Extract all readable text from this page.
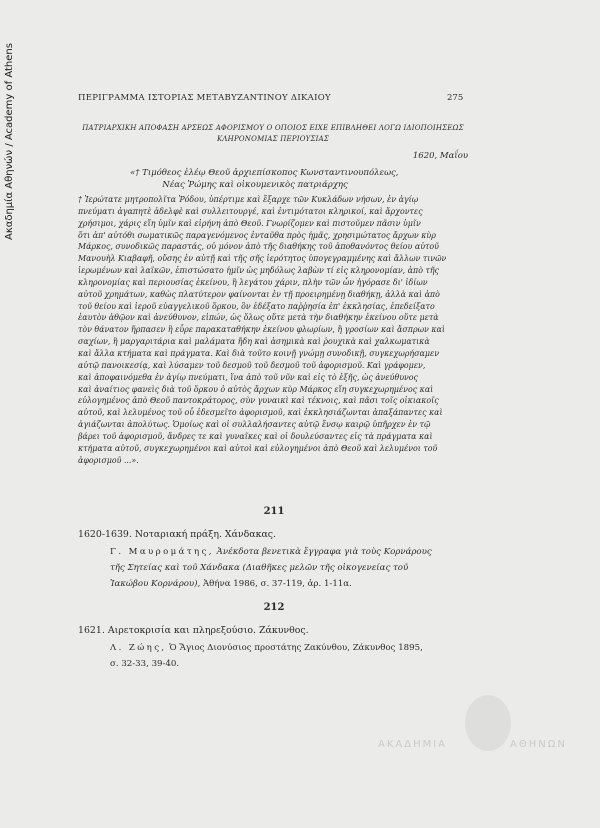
Ακαδημία Αθηνών / Academy of Athens	ΠΕΡΙΓΡΑΜΜΑ ΙΣΤΟΡΙΑΣ ΜΕΤΑΒΥΖΑΝΤΙΝΟΥ ΔΙΚΑΙΟΥ	275
ΠΑΤΡΙΑΡΧΙΚΗ ΑΠΟΦΑΣΗ ΑΡΣΕΩΣ ΑΦΟΡΙΣΜΟΥ Ο ΟΠΟΙΟΣ ΕΙΧΕ ΕΠΙΒΛΗΘΕΙ ΛΟΓΩ ΙΔΙΟΠΟΙΗΣΕΩΣ
ΚΛΗΡΟΝΟΜΙΑΣ ΠΕΡΙΟΥΣΙΑΣ
1620, Μαΐου
«† Τιμόθεος ἐλέῳ Θεοῦ ἀρχιεπίσκοπος Κωνσταντινουπόλεως,
Νέας Ῥώμης καὶ οἰκουμενικὸς πατριάρχης
† Ἱερώτατε μητροπολῖτα Ῥόδου, ὑπέρτιμε καὶ ἔξαρχε τῶν Κυκλάδων νήσων, ἐν ἁγίῳ
πνεύματι ἀγαπητὲ ἀδελφὲ καὶ συλλειτουργέ, καὶ ἐντιμότατοι κληρικοί, καὶ ἄρχοντες
χρήσιμοι, χάρις εἴη ὑμῖν καὶ εἰρήνη ἀπὸ Θεοῦ. Γνωρίζομεν καὶ πιστοῦμεν πᾶσιν ὑμῖν
ὅτι ἀπ' αὐτόθι σωματικῶς παραγενόμενος ἐνταῦθα πρὸς ἡμᾶς, χρησιμώτατος ἄρχων κὺρ
Μάρκος, συνοδικῶς παραστάς, οὐ μόνον ἀπὸ τῆς διαθήκης τοῦ ἀποθανόντος θείου αὐτοῦ
Μανουὴλ Κιαβαφῆ, οὔσης ἐν αὐτῇ καὶ τῆς σῆς ἱερότητος ὑπογεγραμμένης καὶ ἄλλων τινῶν
ἱερωμένων καὶ λαϊκῶν, ἐπιστώσατο ἡμῖν ὡς μηδόλως λαβὼν τί εἰς κληρονομίαν, ἀπὸ τῆς
κληρονομίας καὶ περιουσίας ἐκείνου, ἢ λεγάτου χάριν, πλὴν τῶν ὧν ἠγόρασε δι' ἰδίων
αὐτοῦ χρημάτων, καθὼς πλατύτερον φαίνονται ἐν τῇ προειρημένῃ διαθήκῃ, ἀλλὰ καὶ ἀπὸ
τοῦ θείου καὶ ἱεροῦ εὐαγγελικοῦ ὅρκου, ὃν ἐδέξατο παῤῥησία ἐπ' ἐκκλησίας, ἐπεδείξατο
ἑαυτὸν ἀθῷον καὶ ἀνεύθυνον, εἰπών, ὡς ὅλως οὔτε μετὰ τὴν διαθήκην ἐκείνου οὔτε μετὰ
τὸν θάνατον ἥρπασεν ἢ εὗρε παρακαταθήκην ἐκείνου φλωρίων, ἢ γροσίων καὶ ἄσπρων καὶ
σαχίων, ἢ μαργαριτάρια καὶ μαλάματα ἤδη καὶ ἀσημικὰ καὶ ῥουχικὰ καὶ χαλκωματικὰ
καὶ ἄλλα κτήματα καὶ πράγματα. Καὶ διὰ τοῦτο κοινῇ γνώμῃ συνοδικῇ, συγκεχωρήσαμεν
αὐτῷ πανοικεσίᾳ, καὶ λύσαμεν τοῦ δεσμοῦ τοῦ δεσμοῦ τοῦ ἀφορισμοῦ. Καὶ γράφομεν,
καὶ ἀποφαινόμεθα ἐν ἁγίῳ πνεύματι, ἵνα ἀπὸ τοῦ νῦν καὶ εἰς τὸ ἑξῆς, ὡς ἀνεύθυνος
καὶ ἀναίτιος φανεὶς διὰ τοῦ ὅρκου ὁ αὐτὸς ἄρχων κὺρ Μάρκος εἴη συγκεχωρημένος καὶ
εὐλογημένος ἀπὸ Θεοῦ παντοκράτορος, σὺν γυναικὶ καὶ τέκνοις, καὶ πᾶσι τοῖς οἰκιακοῖς
αὐτοῦ, καὶ λελυμένος τοῦ οὗ ἐδεσμεῖτο ἀφορισμοῦ, καὶ ἐκκλησιάζωνται ἀπαξάπαντες καὶ
ἁγιάζωνται ἀπολύτως. Ὁμοίως καὶ οἱ συλλαλήσαντες αὐτῷ ἔνσῳ καιρῷ ὑπῆρχεν ἐν τῷ
βάρει τοῦ ἀφορισμοῦ, ἄνδρες τε καὶ γυναῖκες καὶ οἱ δουλεύσαντες εἰς τὰ πράγματα καὶ
κτήματα αὐτοῦ, συγκεχωρημένοι καὶ αὐτοὶ καὶ εὐλογημένοι ἀπὸ Θεοῦ καὶ λελυμένοι τοῦ
ἀφορισμοῦ ...».
211
1620-1639. Νοταριακή πράξη. Χάνδακας.
Γ. Μαυρομάτης, Ἀνέκδοτα βενετικὰ ἔγγραφα γιὰ τοὺς Κορνάρους
τῆς Σητείας καὶ τοῦ Χάνδακα (Διαθῆκες μελῶν τῆς οἰκογενείας τοῦ
Ἰακώβου Κορνάρου), Ἀθήνα 1986, σ. 37-119, ἀρ. 1-11α.
212
1621. Αιρετοκρισία και πληρεξούσιο. Ζάκυνθος.
Λ. Ζώης, Ὁ Ἅγιος Διονύσιος προστάτης Ζακύνθου, Ζάκυνθος 1895,
σ. 32-33, 39-40.
ΑΚΑΔΗΜΙΑ	ΑΘΗΝΩΝ
